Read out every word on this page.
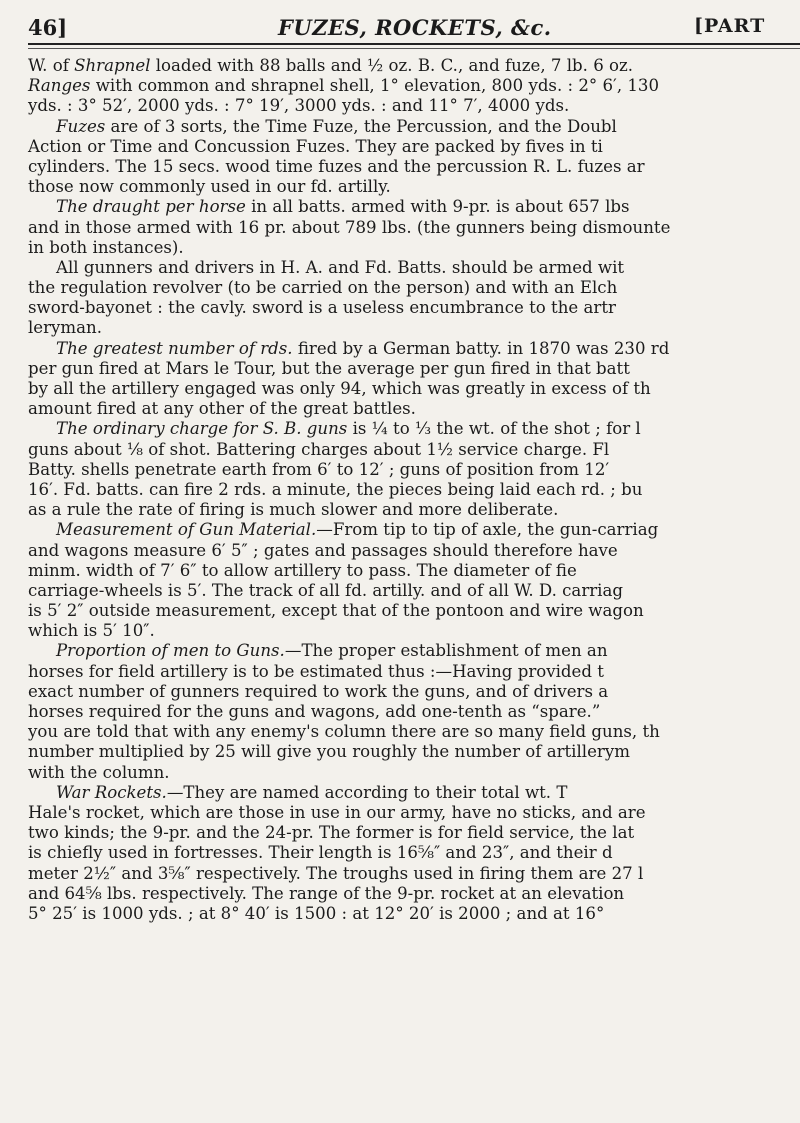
46]	FUZES, ROCKETS, &c.	[PART
W. of Shrapnel loaded with 88 balls and ½ oz. B. C., and fuze, 7 lb. 6 oz.
Ranges with common and shrapnel shell, 1° elevation, 800 yds. : 2° 6′, 130
yds. : 3° 52′, 2000 yds. : 7° 19′, 3000 yds. : and 11° 7′, 4000 yds.
Fuzes are of 3 sorts, the Time Fuze, the Percussion, and the Doubl
Action or Time and Concussion Fuzes. They are packed by fives in ti
cylinders. The 15 secs. wood time fuzes and the percussion R. L. fuzes ar
those now commonly used in our fd. artilly.
The draught per horse in all batts. armed with 9-pr. is about 657 lbs
and in those armed with 16 pr. about 789 lbs. (the gunners being dismounte
in both instances).
All gunners and drivers in H. A. and Fd. Batts. should be armed wit
the regulation revolver (to be carried on the person) and with an Elch
sword-bayonet : the cavly. sword is a useless encumbrance to the artr
leryman.
The greatest number of rds. fired by a German batty. in 1870 was 230 rd
per gun fired at Mars le Tour, but the average per gun fired in that batt
by all the artillery engaged was only 94, which was greatly in excess of th
amount fired at any other of the great battles.
The ordinary charge for S. B. guns is ¼ to ⅓ the wt. of the shot ; for l
guns about ⅛ of shot. Battering charges about 1½ service charge. Fl
Batty. shells penetrate earth from 6′ to 12′ ; guns of position from 12′
16′. Fd. batts. can fire 2 rds. a minute, the pieces being laid each rd. ; bu
as a rule the rate of firing is much slower and more deliberate.
Measurement of Gun Material.—From tip to tip of axle, the gun-carriag
and wagons measure 6′ 5″ ; gates and passages should therefore have
minm. width of 7′ 6″ to allow artillery to pass. The diameter of fie
carriage-wheels is 5′. The track of all fd. artilly. and of all W. D. carriag
is 5′ 2″ outside measurement, except that of the pontoon and wire wagon
which is 5′ 10″.
Proportion of men to Guns.—The proper establishment of men an
horses for field artillery is to be estimated thus :—Having provided t
exact number of gunners required to work the guns, and of drivers a
horses required for the guns and wagons, add one-tenth as “spare.”
you are told that with any enemy's column there are so many field guns, th
number multiplied by 25 will give you roughly the number of artillerym
with the column.
War Rockets.—They are named according to their total wt. T
Hale's rocket, which are those in use in our army, have no sticks, and are
two kinds; the 9-pr. and the 24-pr. The former is for field service, the lat
is chiefly used in fortresses. Their length is 16⅝″ and 23″, and their d
meter 2½″ and 3⅝″ respectively. The troughs used in firing them are 27 l
and 64⅝ lbs. respectively. The range of the 9-pr. rocket at an elevation
5° 25′ is 1000 yds. ; at 8° 40′ is 1500 : at 12° 20′ is 2000 ; and at 16°
